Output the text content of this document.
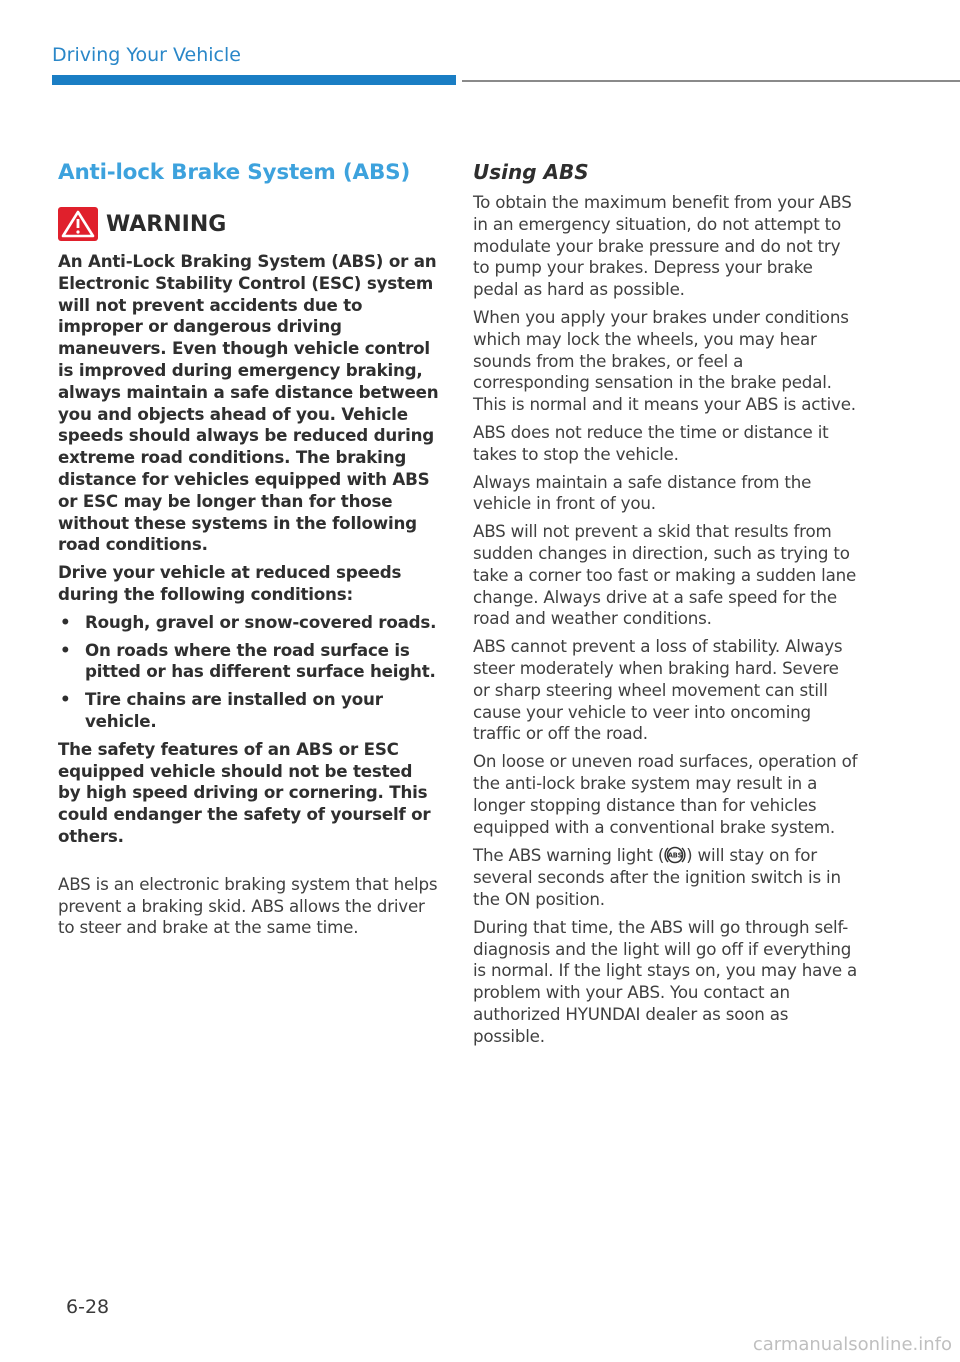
Driving Your Vehicle
Anti-lock Brake System (ABS)
WARNING

An Anti-Lock Braking System (ABS) or an Electronic Stability Control (ESC) system will not prevent accidents due to improper or dangerous driving maneuvers. Even though vehicle control is improved during emergency braking, always maintain a safe distance between you and objects ahead of you. Vehicle speeds should always be reduced during extreme road conditions. The braking distance for vehicles equipped with ABS or ESC may be longer than for those without these systems in the following road conditions.

Drive your vehicle at reduced speeds during the following conditions:

• Rough, gravel or snow-covered roads.
• On roads where the road surface is pitted or has different surface height.
• Tire chains are installed on your vehicle.

The safety features of an ABS or ESC equipped vehicle should not be tested by high speed driving or cornering. This could endanger the safety of yourself or others.

ABS is an electronic braking system that helps prevent a braking skid. ABS allows the driver to steer and brake at the same time.

Using ABS

To obtain the maximum benefit from your ABS in an emergency situation, do not attempt to modulate your brake pressure and do not try to pump your brakes. Depress your brake pedal as hard as possible.

When you apply your brakes under conditions which may lock the wheels, you may hear sounds from the brakes, or feel a corresponding sensation in the brake pedal. This is normal and it means your ABS is active.

ABS does not reduce the time or distance it takes to stop the vehicle.

Always maintain a safe distance from the vehicle in front of you.

ABS will not prevent a skid that results from sudden changes in direction, such as trying to take a corner too fast or making a sudden lane change. Always drive at a safe speed for the road and weather conditions.

ABS cannot prevent a loss of stability. Always steer moderately when braking hard. Severe or sharp steering wheel movement can still cause your vehicle to veer into oncoming traffic or off the road.

On loose or uneven road surfaces, operation of the anti-lock brake system may result in a longer stopping distance than for vehicles equipped with a conventional brake system.

The ABS warning light ( ABS ) will stay on for several seconds after the ignition switch is in the ON position.

During that time, the ABS will go through self-diagnosis and the light will go off if everything is normal. If the light stays on, you may have a problem with your ABS. You contact an authorized HYUNDAI dealer as soon as possible.

6-28
carmanualsonline.info
